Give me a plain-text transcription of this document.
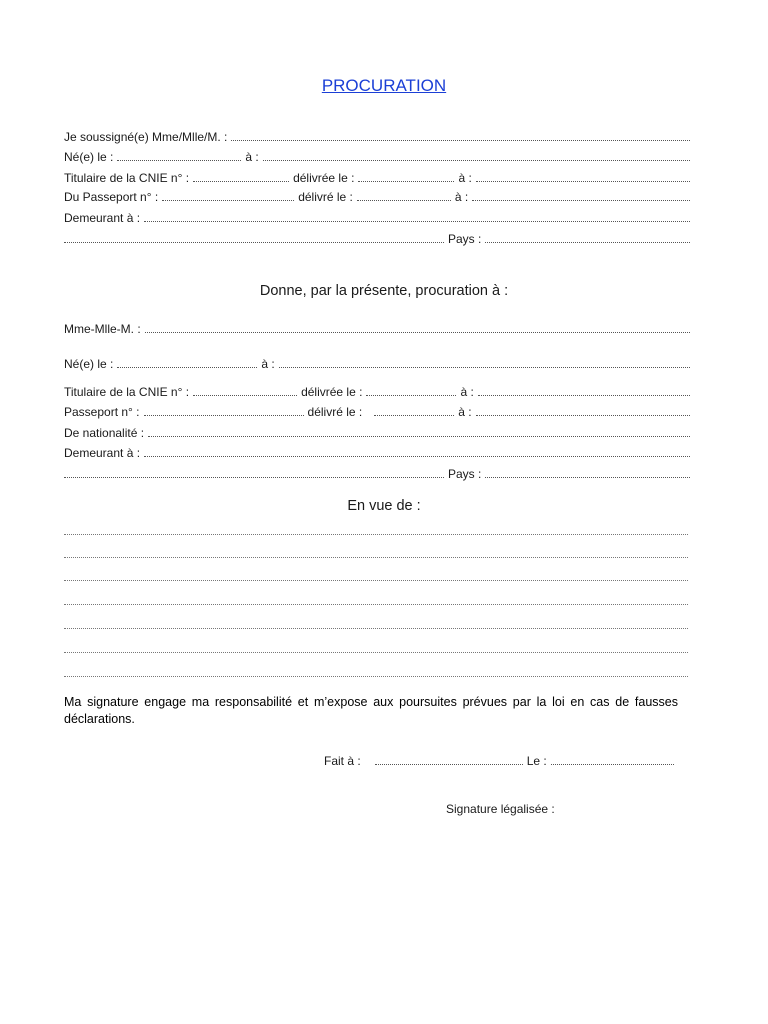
PROCURATION
Je soussigné(e) Mme/Mlle/M. :
Né(e) le :	à :
Titulaire de la CNIE n° :	délivrée le :	à :
Du Passeport n° :	délivré le :	à :
Demeurant à :
Pays :
Donne, par la présente, procuration à :
Mme-Mlle-M. :
Né(e) le :	à :
Titulaire de la CNIE n° :	délivrée le :	à :
Passeport n° :	délivré le :	à :
De nationalité :
Demeurant à :
Pays :
En vue de :
Ma signature engage ma responsabilité et m’expose aux poursuites prévues par la loi en cas de fausses déclarations.
Fait à :	Le :
Signature légalisée :
